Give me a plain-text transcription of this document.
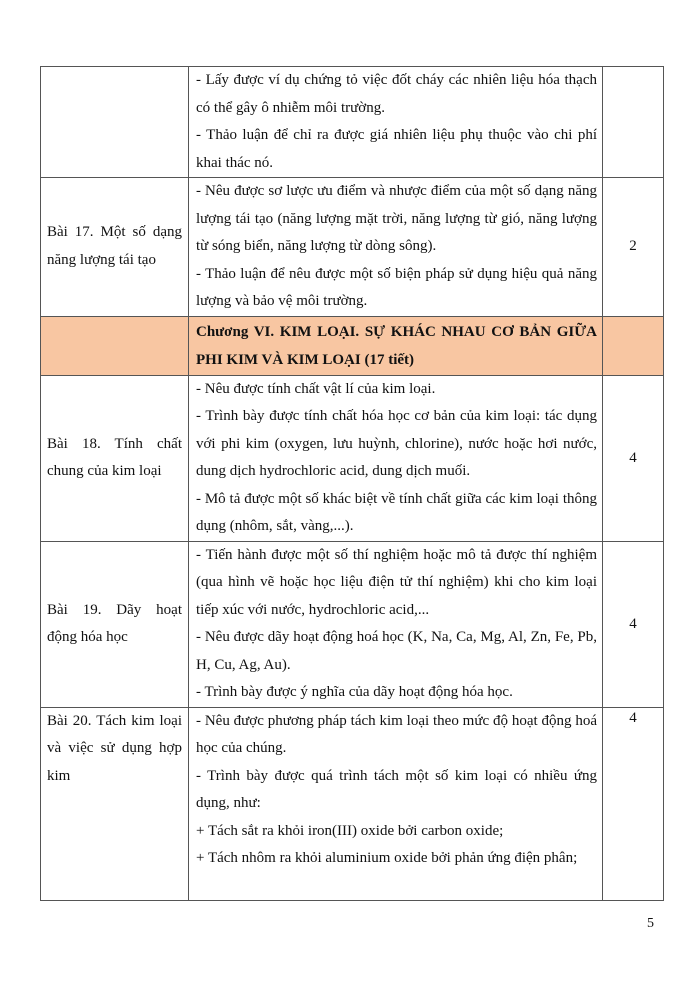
	- Lấy được ví dụ chứng tỏ việc đốt cháy các nhiên liệu hóa thạch có thể gây ô nhiễm môi trường.
- Thảo luận để chỉ ra được giá nhiên liệu phụ thuộc vào chi phí khai thác nó.	

Bài 17. Một số dạng năng lượng tái tạo	- Nêu được sơ lược ưu điểm và nhược điểm của một số dạng năng lượng tái tạo (năng lượng mặt trời, năng lượng từ gió, năng lượng từ sóng biển, năng lượng từ dòng sông).
- Thảo luận để nêu được một số biện pháp sử dụng hiệu quả năng lượng và bảo vệ môi trường.	2

	Chương VI. KIM LOẠI. SỰ KHÁC NHAU CƠ BẢN GIỮA PHI KIM VÀ KIM LOẠI (17 tiết)	

Bài 18. Tính chất chung của kim loại	- Nêu được tính chất vật lí của kim loại.
- Trình bày được tính chất hóa học cơ bản của kim loại: tác dụng với phi kim (oxygen, lưu huỳnh, chlorine), nước hoặc hơi nước, dung dịch hydrochloric acid, dung dịch muối.
- Mô tả được một số khác biệt về tính chất giữa các kim loại thông dụng (nhôm, sắt, vàng,...).	4

Bài 19. Dãy hoạt động hóa học	- Tiến hành được một số thí nghiệm hoặc mô tả được thí nghiệm (qua hình vẽ hoặc học liệu điện tử thí nghiệm) khi cho kim loại tiếp xúc với nước, hydrochloric acid,...
- Nêu được dãy hoạt động hoá học (K, Na, Ca, Mg, Al, Zn, Fe, Pb, H, Cu, Ag, Au).
- Trình bày được ý nghĩa của dãy hoạt động hóa học.	4

Bài 20. Tách kim loại và việc sử dụng hợp kim	- Nêu được phương pháp tách kim loại theo mức độ hoạt động hoá học của chúng.
- Trình bày được quá trình tách một số kim loại có nhiều ứng dụng, như:
+ Tách sắt ra khỏi iron(III) oxide bởi carbon oxide;
+ Tách nhôm ra khỏi aluminium oxide bởi phản ứng điện phân;	4
5
